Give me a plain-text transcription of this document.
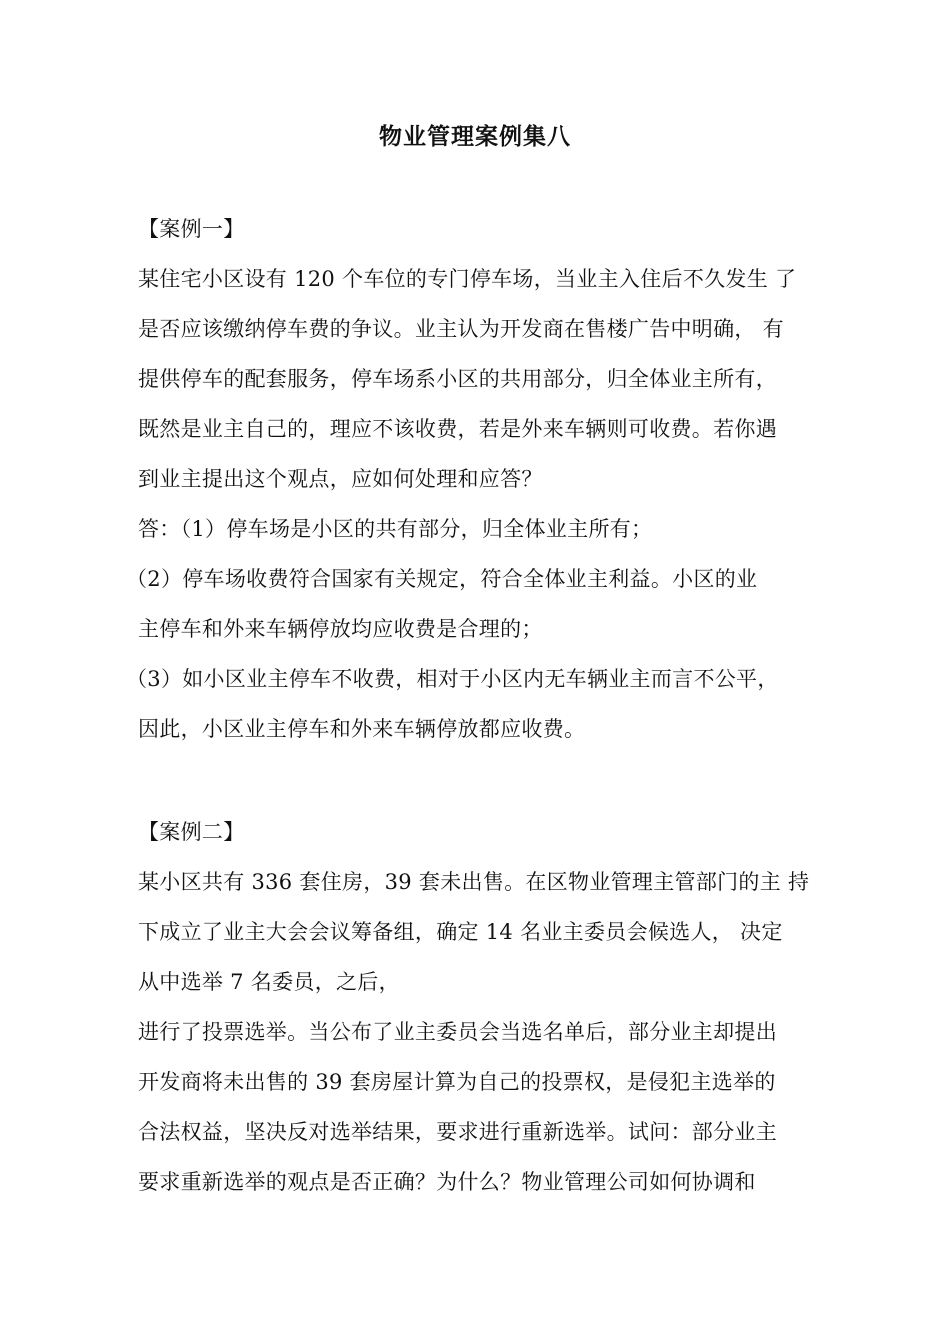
物业管理案例集八
【案例一】
某住宅小区设有 120 个车位的专门停车场，当业主入住后不久发生 了
是否应该缴纳停车费的争议。业主认为开发商在售楼广告中明确， 有
提供停车的配套服务，停车场系小区的共用部分，归全体业主所有，
既然是业主自己的，理应不该收费，若是外来车辆则可收费。若你遇
到业主提出这个观点，应如何处理和应答？
答：（1）停车场是小区的共有部分，归全体业主所有；
（2）停车场收费符合国家有关规定，符合全体业主利益。小区的业
主停车和外来车辆停放均应收费是合理的；
（3）如小区业主停车不收费，相对于小区内无车辆业主而言不公平，
因此，小区业主停车和外来车辆停放都应收费。
【案例二】
某小区共有 336 套住房，39 套未出售。在区物业管理主管部门的主 持
下成立了业主大会会议筹备组，确定 14 名业主委员会候选人， 决定
从中选举 7 名委员，之后，
进行了投票选举。当公布了业主委员会当选名单后，部分业主却提出
开发商将未出售的 39 套房屋计算为自己的投票权，是侵犯主选举的
合法权益，坚决反对选举结果，要求进行重新选举。试问：部分业主
要求重新选举的观点是否正确？为什么？物业管理公司如何协调和
